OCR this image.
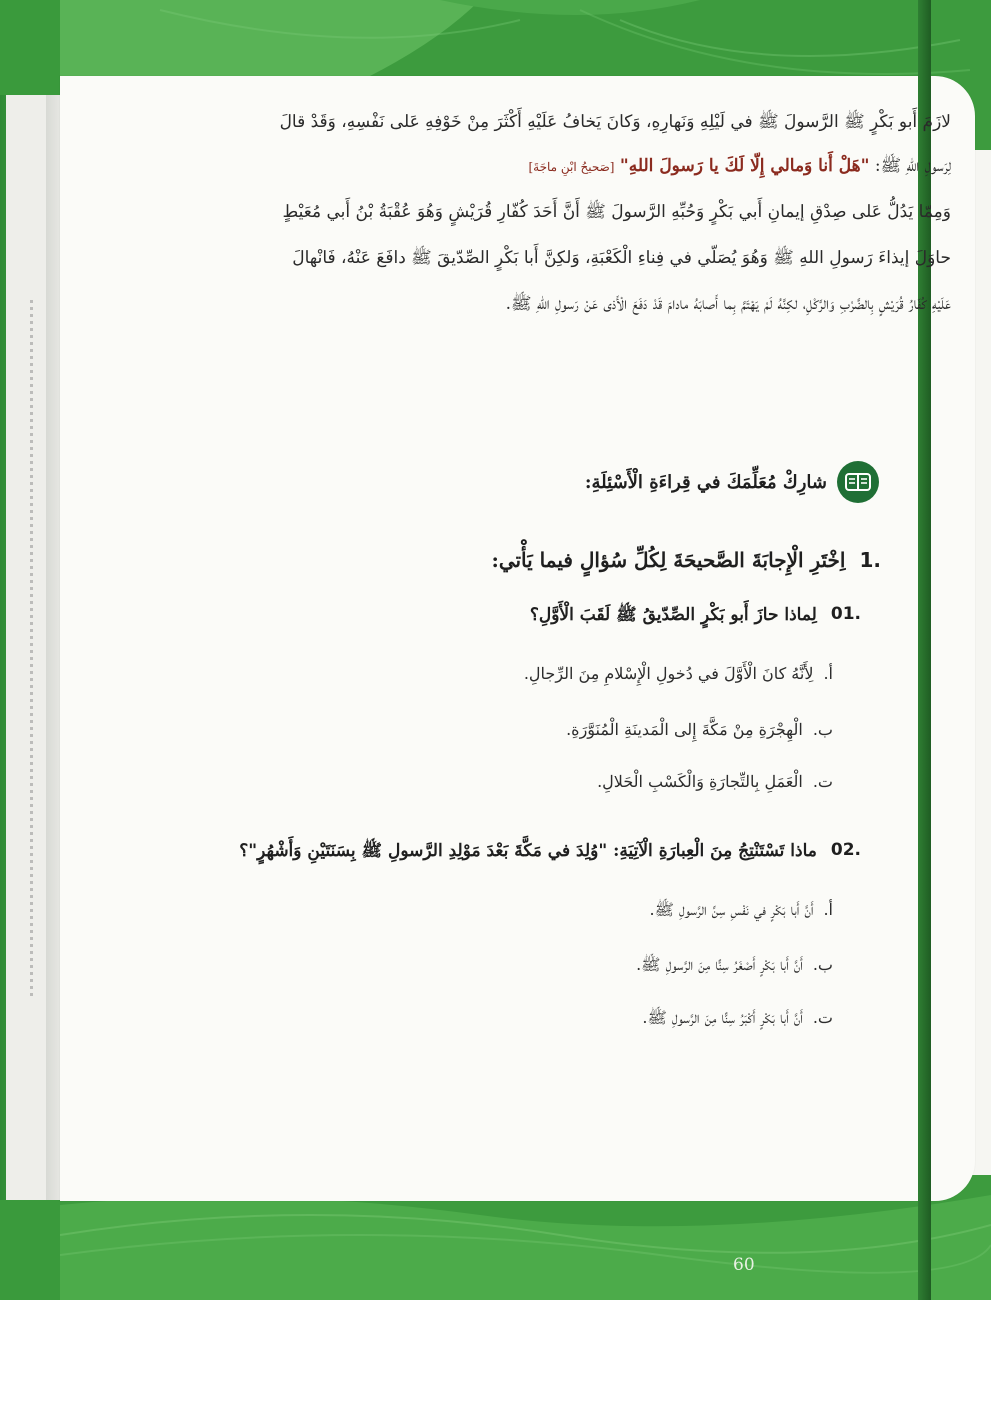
لازَمَ أَبو بَكْرٍ ﷺ الرَّسولَ ﷺ في لَيْلِهِ وَنَهارِهِ، وَكانَ يَخافُ عَلَيْهِ أَكْثَرَ مِنْ خَوْفِهِ عَلى نَفْسِهِ، وَقَدْ قالَ

لِرَسولِ اللهِ ﷺ: "هَلْ أَنا وَمالي إِلّا لَكَ يا رَسولَ اللهِ" [صَحيحُ ابْنِ ماجَةَ]

وَمِمّا يَدُلُّ عَلى صِدْقِ إيمانِ أَبي بَكْرٍ وَحُبِّهِ الرَّسولَ ﷺ أَنَّ أَحَدَ كُفّارِ قُرَيْشٍ وَهُوَ عُقْبَةُ بْنُ أَبي مُعَيْطٍ

حاوَلَ إيذاءَ رَسولِ اللهِ ﷺ وَهُوَ يُصَلّي في فِناءِ الْكَعْبَةِ، وَلكِنَّ أَبا بَكْرٍ الصِّدّيقَ ﷺ دافَعَ عَنْهُ، فَانْهالَ

عَلَيْهِ كُفّارُ قُرَيْشٍ بِالضَّرْبِ وَالرَّكْلِ، لكِنَّهُ لَمْ يَهْتَمَّ بِما أَصابَهُ مادامَ قَدْ دَفَعَ الْأَذى عَنْ رَسولِ اللهِ ﷺ.

شارِكْ مُعَلِّمَكَ في قِراءَةِ الْأَسْئِلَةِ:
1.
اِخْتَرِ الْإِجابَةَ الصَّحيحَةَ لِكُلِّ سُؤالٍ فيما يَأْتي:
01.
لِماذا حازَ أَبو بَكْرٍ الصِّدّيقُ ﷺ لَقَبَ الْأَوَّلِ؟
أ.
لِأَنَّهُ كانَ الْأَوَّلَ في دُخولِ الْإِسْلامِ مِنَ الرِّجالِ.
ب.
الْهِجْرَةِ مِنْ مَكَّةَ إِلى الْمَدينَةِ الْمُنَوَّرَةِ.
ت.
الْعَمَلِ بِالتِّجارَةِ وَالْكَسْبِ الْحَلالِ.
02.
ماذا تَسْتَنْتِجُ مِنَ الْعِبارَةِ الْآتِيَةِ: "وُلِدَ في مَكَّةَ بَعْدَ مَوْلِدِ الرَّسولِ ﷺ بِسَنَتَيْنِ وَأَشْهُرٍ"؟
أ.
أَنَّ أَبا بَكْرٍ في نَفْسِ سِنِّ الرَّسولِ ﷺ.
ب.
أَنَّ أَبا بَكْرٍ أَصْغَرُ سِنًّا مِنَ الرَّسولِ ﷺ.
ت.
أَنَّ أَبا بَكْرٍ أَكْبَرُ سِنًّا مِنَ الرَّسولِ ﷺ.
60
